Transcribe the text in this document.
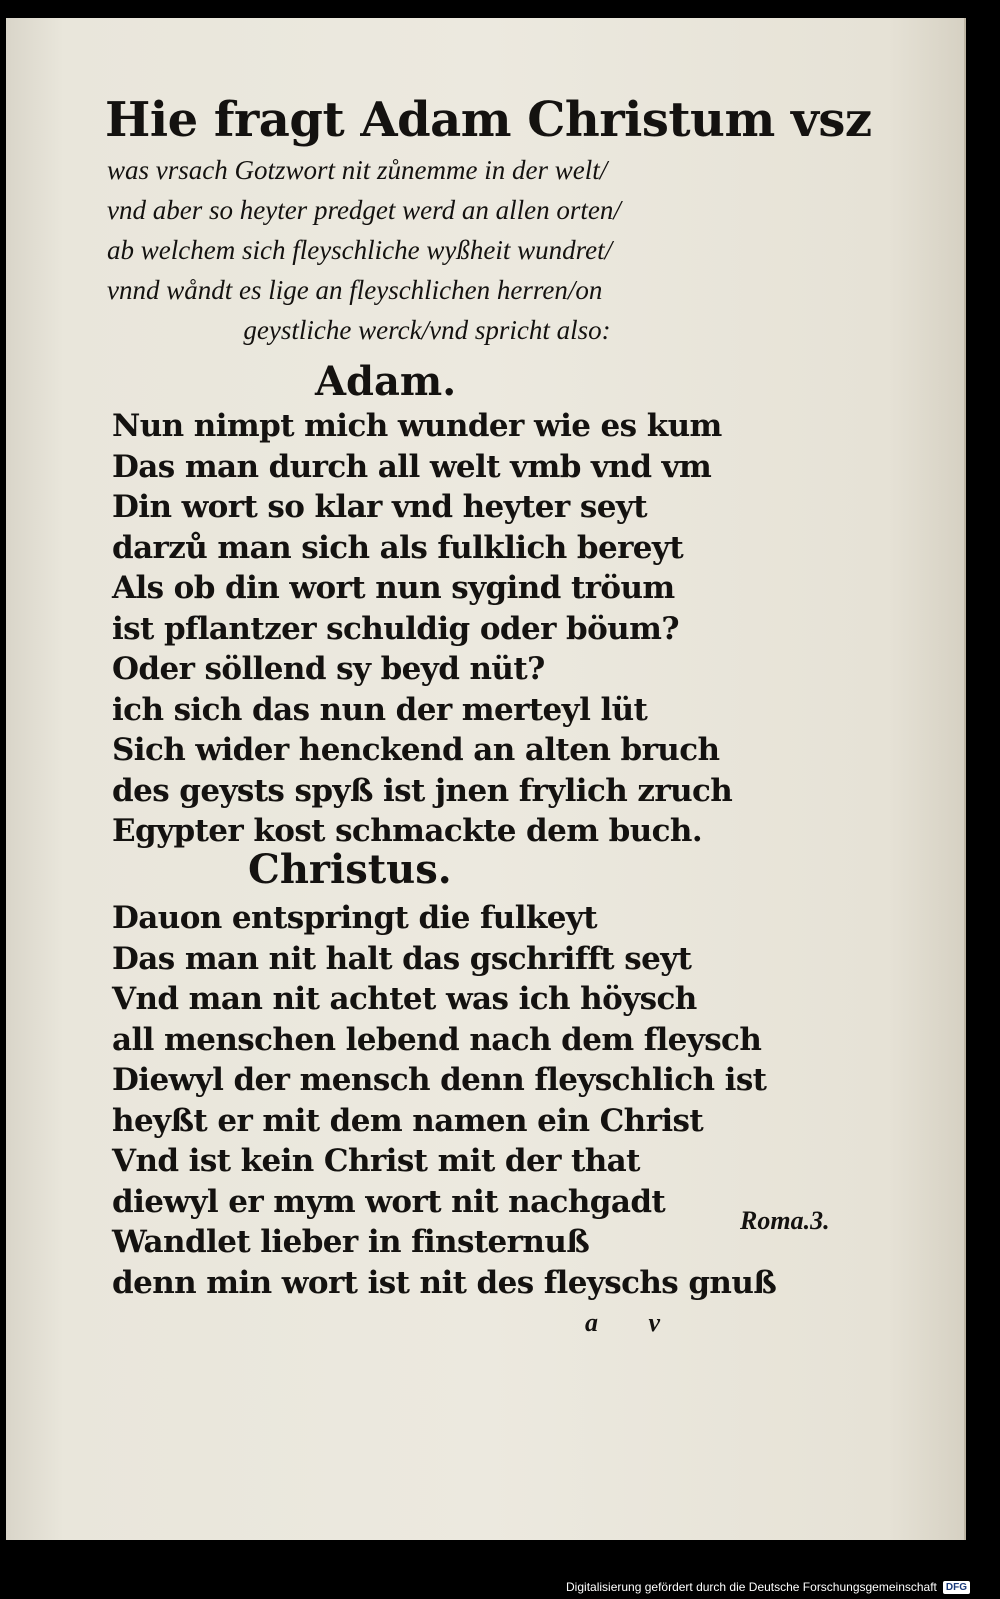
Hie fragt Adam Christum vsz
was vrsach Gotzwort nit zůnemme in der welt/
vnd aber so heyter predget werd an allen orten/
ab welchem sich fleyschliche wyßheit wundret/
vnnd wåndt es lige an fleyschlichen herren/on
geystliche werck/vnd spricht also:
Adam.
Nun nimpt mich wunder wie es kum
Das man durch all welt vmb vnd vm
Din wort so klar vnd heyter seyt
darzů man sich als fulklich bereyt
Als ob din wort nun sygind tröum
ist pflantzer schuldig oder böum?
Oder söllend sy beyd nüt?
ich sich das nun der merteyl lüt
Sich wider henckend an alten bruch
des geysts spyß ist jnen frylich zruch
Egypter kost schmackte dem buch.
Christus.
Dauon entspringt die fulkeyt
Das man nit halt das gschrifft seyt
Vnd man nit achtet was ich höysch
all menschen lebend nach dem fleysch
Diewyl der mensch denn fleyschlich ist
heyßt er mit dem namen ein Christ
Vnd ist kein Christ mit der that
diewyl er mym wort nit nachgadt
Wandlet lieber in finsternuß
denn min wort ist nit des fleyschs gnuß
Roma.3.
a v
Digitalisierung gefördert durch die Deutsche Forschungsgemeinschaft DFG
